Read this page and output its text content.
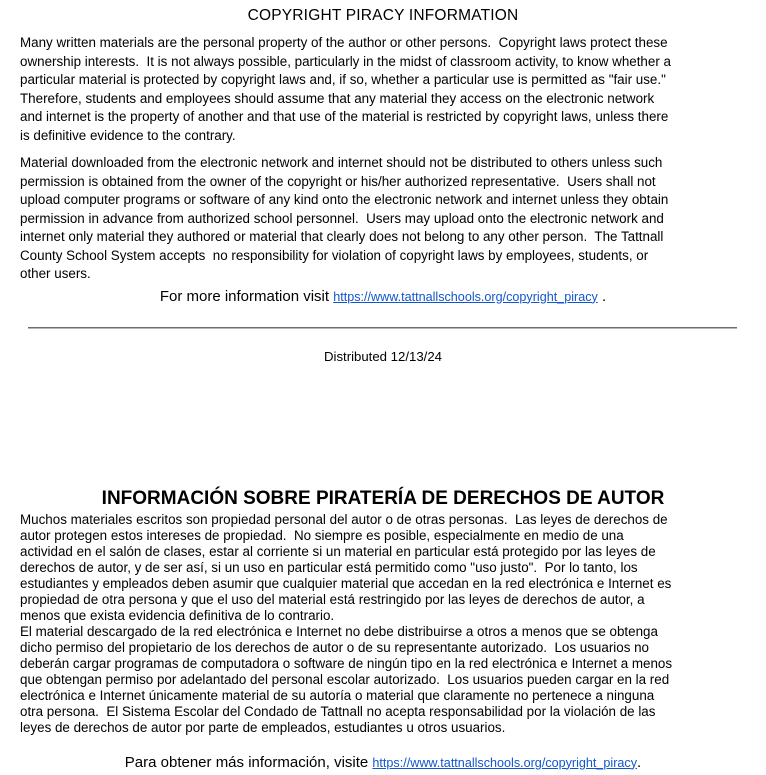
COPYRIGHT PIRACY INFORMATION
Many written materials are the personal property of the author or other persons.  Copyright laws protect these
ownership interests.  It is not always possible, particularly in the midst of classroom activity, to know whether a
particular material is protected by copyright laws and, if so, whether a particular use is permitted as "fair use."
Therefore, students and employees should assume that any material they access on the electronic network
and internet is the property of another and that use of the material is restricted by copyright laws, unless there
is definitive evidence to the contrary.
Material downloaded from the electronic network and internet should not be distributed to others unless such
permission is obtained from the owner of the copyright or his/her authorized representative.  Users shall not
upload computer programs or software of any kind onto the electronic network and internet unless they obtain
permission in advance from authorized school personnel.  Users may upload onto the electronic network and
internet only material they authored or material that clearly does not belong to any other person.  The Tattnall
County School System accepts  no responsibility for violation of copyright laws by employees, students, or
other users.
For more information visit https://www.tattnallschools.org/copyright_piracy .
Distributed 12/13/24
INFORMACIÓN SOBRE PIRATERÍA DE DERECHOS DE AUTOR
Muchos materiales escritos son propiedad personal del autor o de otras personas.  Las leyes de derechos de
autor protegen estos intereses de propiedad.  No siempre es posible, especialmente en medio de una
actividad en el salón de clases, estar al corriente si un material en particular está protegido por las leyes de
derechos de autor, y de ser así, si un uso en particular está permitido como "uso justo".  Por lo tanto, los
estudiantes y empleados deben asumir que cualquier material que accedan en la red electrónica e Internet es
propiedad de otra persona y que el uso del material está restringido por las leyes de derechos de autor, a
menos que exista evidencia definitiva de lo contrario.
El material descargado de la red electrónica e Internet no debe distribuirse a otros a menos que se obtenga
dicho permiso del propietario de los derechos de autor o de su representante autorizado.  Los usuarios no
deberán cargar programas de computadora o software de ningún tipo en la red electrónica e Internet a menos
que obtengan permiso por adelantado del personal escolar autorizado.  Los usuarios pueden cargar en la red
electrónica e Internet únicamente material de su autoría o material que claramente no pertenece a ninguna
otra persona.  El Sistema Escolar del Condado de Tattnall no acepta responsabilidad por la violación de las
leyes de derechos de autor por parte de empleados, estudiantes u otros usuarios.
Para obtener más información, visite https://www.tattnallschools.org/copyright_piracy.
